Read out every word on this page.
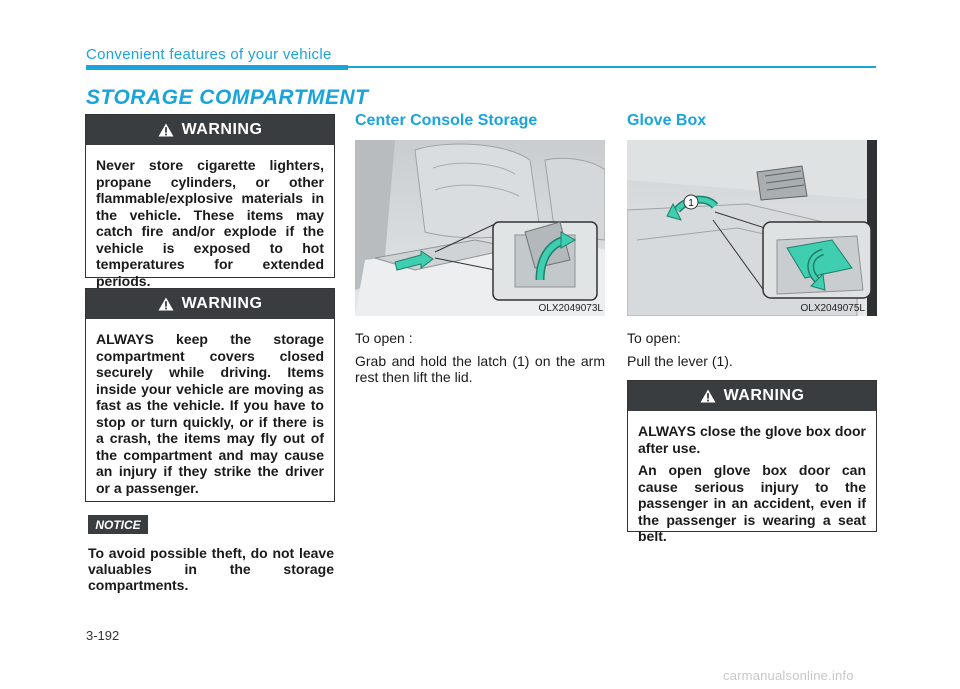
Convenient features of your vehicle
STORAGE COMPARTMENT
WARNING

Never store cigarette lighters, propane cylinders, or other flammable/explosive materials in the vehicle. These items may catch fire and/or explode if the vehicle is exposed to hot temperatures for extended periods.

WARNING

ALWAYS keep the storage compartment covers closed securely while driving. Items inside your vehicle are moving as fast as the vehicle. If you have to stop or turn quickly, or if there is a crash, the items may fly out of the compartment and may cause an injury if they strike the driver or a passenger.

NOTICE
To avoid possible theft, do not leave valuables in the storage compartments.
Center Console Storage
OLX2049073L

To open :

Grab and hold the latch (1) on the arm rest then lift the lid.

Glove Box
1
OLX2049075L

To open:

Pull the lever (1).

WARNING

ALWAYS close the glove box door after use.

An open glove box door can cause serious injury to the passenger in an accident, even if the passenger is wearing a seat belt.

3-192
carmanualsonline.info
